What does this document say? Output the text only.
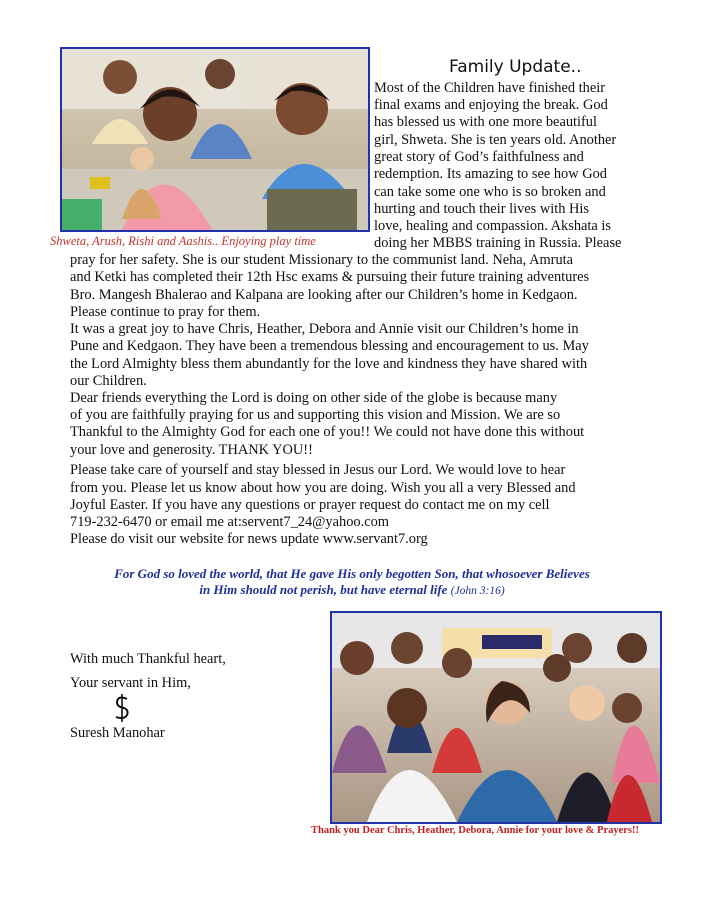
Shweta, Arush, Rishi and Aashis.. Enjoying play time
Family Update..
Most of the Children have finished their
final exams and enjoying the break. God
has blessed us with one more beautiful
girl, Shweta. She is ten years old. Another
great story of God’s faithfulness and
redemption. Its amazing to see how God
can take some one who is so broken and
hurting and touch their lives with His
love, healing and compassion. Akshata is
doing her MBBS training in Russia. Please
pray for her safety. She is our student Missionary to the communist land. Neha, Amruta
and Ketki has completed their 12th Hsc exams & pursuing their future training adventures
Bro. Mangesh Bhalerao and Kalpana are looking after our Children’s home in Kedgaon.
Please continue to pray for them.
It was a great joy to have Chris, Heather, Debora and Annie visit our Children’s home in
Pune and Kedgaon. They have been a tremendous blessing and encouragement to us. May
the Lord Almighty bless them abundantly for the love and kindness they have shared with
our Children.
Dear friends everything the Lord is doing on other side of the globe is because many
of you are faithfully praying for us and supporting this vision and Mission. We are so
Thankful to the Almighty God for each one of you!! We could not have done this without
your love and generosity. THANK YOU!!
Please take care of yourself and stay blessed in Jesus our Lord. We would love to hear
from you. Please let us know about how you are doing. Wish you all a very Blessed and
Joyful Easter. If you have any questions or prayer request do contact me on my cell
719-232-6470 or email me at:servent7_24@yahoo.com
Please do visit our website for news update www.servant7.org
For God so loved the world, that He gave His only begotten Son, that whosoever Believes
in Him should not perish, but have eternal life (John 3:16)
With much Thankful heart,
Your servant in Him,
Suresh Manohar
Thank you Dear Chris, Heather, Debora, Annie for your love & Prayers!!
